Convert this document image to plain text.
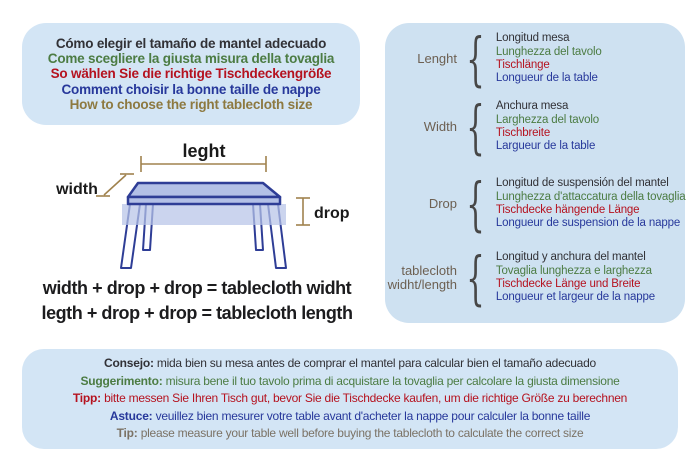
Cómo elegir el tamaño de mantel adecuado
Come scegliere la giusta misura della tovaglia
So wählen Sie die richtige Tischdeckengröße
Comment choisir la bonne taille de nappe
How to choose the right tablecloth size
leght
width
drop
width + drop + drop = tablecloth widht
legth + drop + drop = tablecloth length
Lenght { Longitud mesa
Lunghezza del tavolo
Tischlänge
Longueur de la table
Width { Anchura mesa
Larghezza del tavolo
Tischbreite
Largueur de la table
Drop { Longitud de suspensión del mantel
Lunghezza d'attaccatura della tovaglia
Tischdecke hängende Länge
Longueur de suspension de la nappe
tablecloth
widht/length { Longitud y anchura del mantel
Tovaglia lunghezza e larghezza
Tischdecke Länge und Breite
Longueur et largeur de la nappe
Consejo: mida bien su mesa antes de comprar el mantel para calcular bien el tamaño adecuado
Suggerimento: misura bene il tuo tavolo prima di acquistare la tovaglia per calcolare la giusta dimensione
Tipp: bitte messen Sie Ihren Tisch gut, bevor Sie die Tischdecke kaufen, um die richtige Größe zu berechnen
Astuce: veuillez bien mesurer votre table avant d'acheter la nappe pour calculer la bonne taille
Tip: please measure your table well before buying the tablecloth to calculate the correct size
